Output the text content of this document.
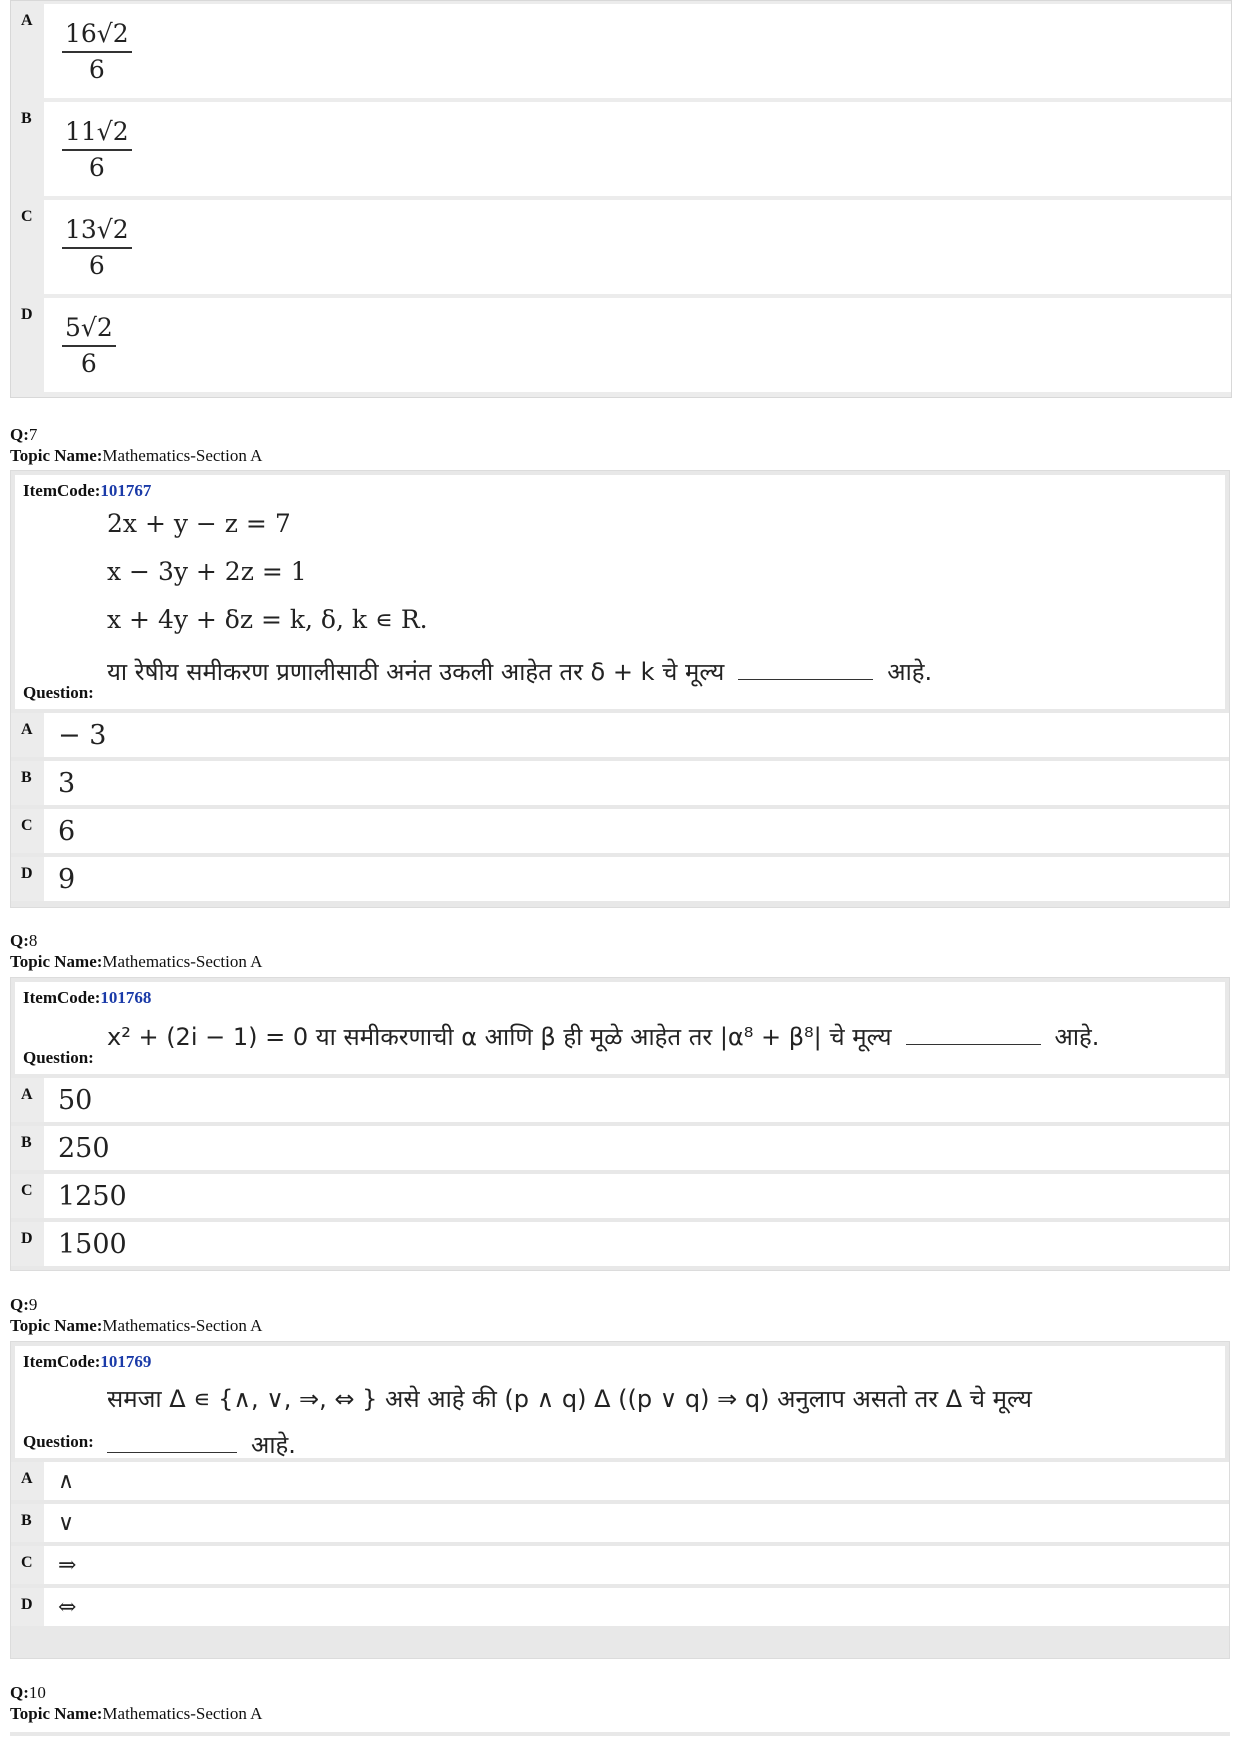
A	$\frac{16√2}{6}$
B	$\frac{11√2}{6}$
C	$\frac{13√2}{6}$
D	$\frac{5√2}{6}$
Q:7
Topic Name:Mathematics-Section A
ItemCode:101767
2x + y − z = 7
x − 3y + 2z = 1
x + 4y + δz = k, δ, k ∊ R.
Question:
या रेषीय समीकरण प्रणालीसाठी अनंत उकली आहेत तर δ + k चे मूल्य	आहे.
A − 3
B 3
C 6
D 9
Q:8
Topic Name:Mathematics-Section A
ItemCode:101768
Question:
x² + (2i − 1) = 0 या समीकरणाची α आणि β ही मूळे आहेत तर |α⁸ + β⁸| चे मूल्य	आहे.
A 50
B 250
C 1250
D 1500
Q:9
Topic Name:Mathematics-Section A
ItemCode:101769
समजा Δ ∊ {∧, ∨, ⇒, ⇔ } असे आहे की (p ∧ q) Δ ((p ∨ q) ⇒ q) अनुलाप असतो तर Δ चे मूल्य
Question:	आहे.
A	∧
B	∨
C	⇒
D	⇔
Q:10
Topic Name:Mathematics-Section A
